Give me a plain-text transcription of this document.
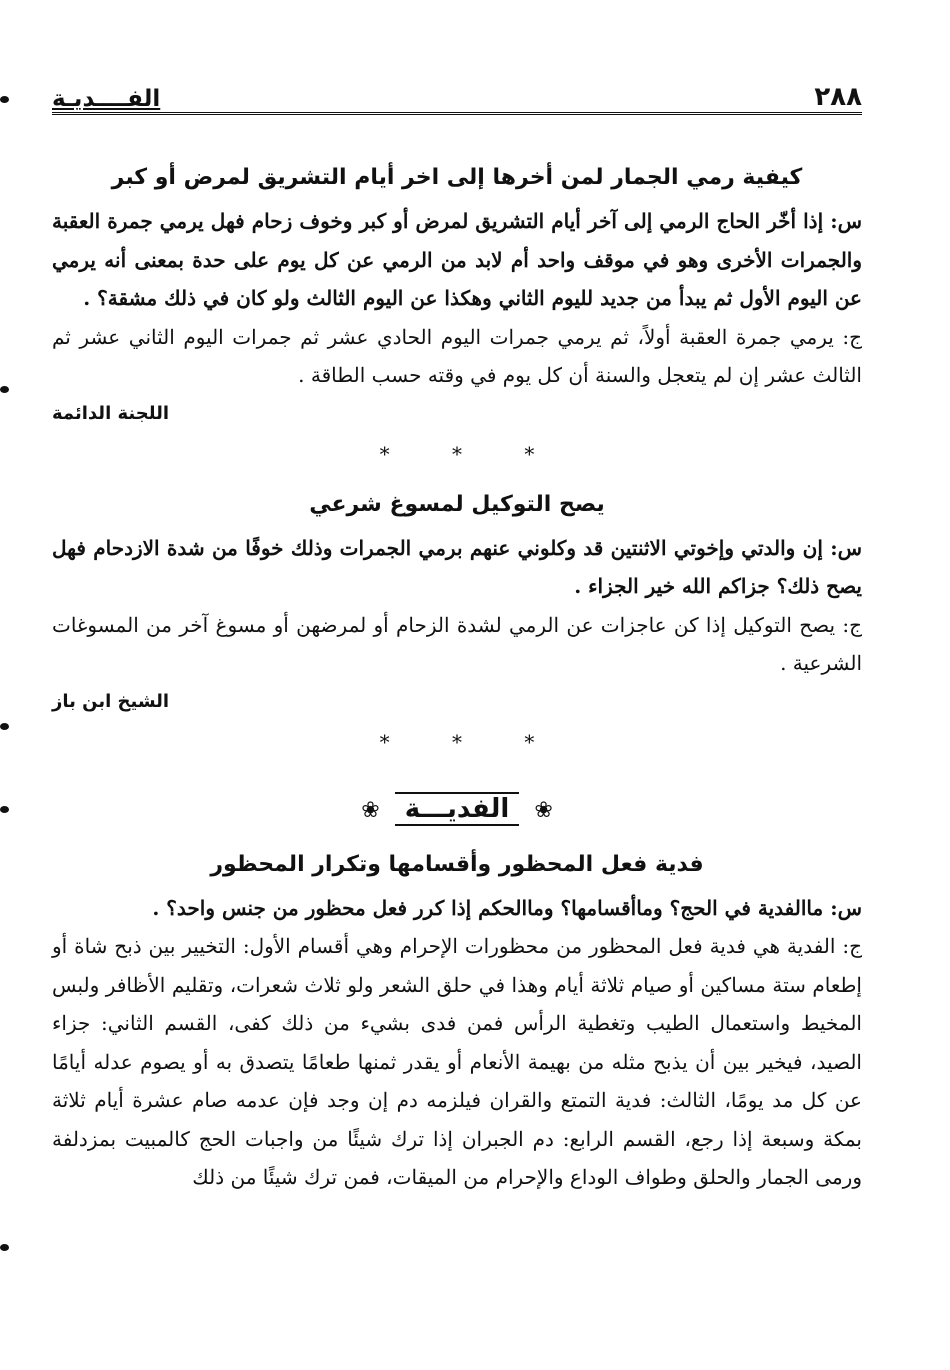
٢٨٨
الفــــديـة
كيفية رمي الجمار لمن أخرها إلى اخر أيام التشريق لمرض أو كبر

س: إذا أخّر الحاج الرمي إلى آخر أيام التشريق لمرض أو كبر وخوف زحام فهل يرمي جمرة العقبة والجمرات الأخرى وهو في موقف واحد أم لابد من الرمي عن كل يوم على حدة بمعنى أنه يرمي عن اليوم الأول ثم يبدأ من جديد لليوم الثاني وهكذا عن اليوم الثالث ولو كان في ذلك مشقة؟ .

ج: يرمي جمرة العقبة أولاً، ثم يرمي جمرات اليوم الحادي عشر ثم جمرات اليوم الثاني عشر ثم الثالث عشر إن لم يتعجل والسنة أن كل يوم في وقته حسب الطاقة .

اللجنة الدائمة
* * *
يصح التوكيل لمسوغ شرعي

س: إن والدتي وإخوتي الاثنتين قد وكلوني عنهم برمي الجمرات وذلك خوفًا من شدة الازدحام فهل يصح ذلك؟ جزاكم الله خير الجزاء .

ج: يصح التوكيل إذا كن عاجزات عن الرمي لشدة الزحام أو لمرضهن أو مسوغ آخر من المسوغات الشرعية .

الشيخ ابن باز
* * *
❀ الفديـــة ❀
فدية فعل المحظور وأقسامها وتكرار المحظور

س: ماالفدية في الحج؟ وماأقسامها؟ وماالحكم إذا كرر فعل محظور من جنس واحد؟ .

ج: الفدية هي فدية فعل المحظور من محظورات الإحرام وهي أقسام الأول: التخيير بين ذبح شاة أو إطعام ستة مساكين أو صيام ثلاثة أيام وهذا في حلق الشعر ولو ثلاث شعرات، وتقليم الأظافر ولبس المخيط واستعمال الطيب وتغطية الرأس فمن فدى بشيء من ذلك كفى، القسم الثاني: جزاء الصيد، فيخير بين أن يذبح مثله من بهيمة الأنعام أو يقدر ثمنها طعامًا يتصدق به أو يصوم عدله أيامًا عن كل مد يومًا، الثالث: فدية التمتع والقران فيلزمه دم إن وجد فإن عدمه صام عشرة أيام ثلاثة بمكة وسبعة إذا رجع، القسم الرابع: دم الجبران إذا ترك شيئًا من واجبات الحج كالمبيت بمزدلفة ورمى الجمار والحلق وطواف الوداع والإحرام من الميقات، فمن ترك شيئًا من ذلك
